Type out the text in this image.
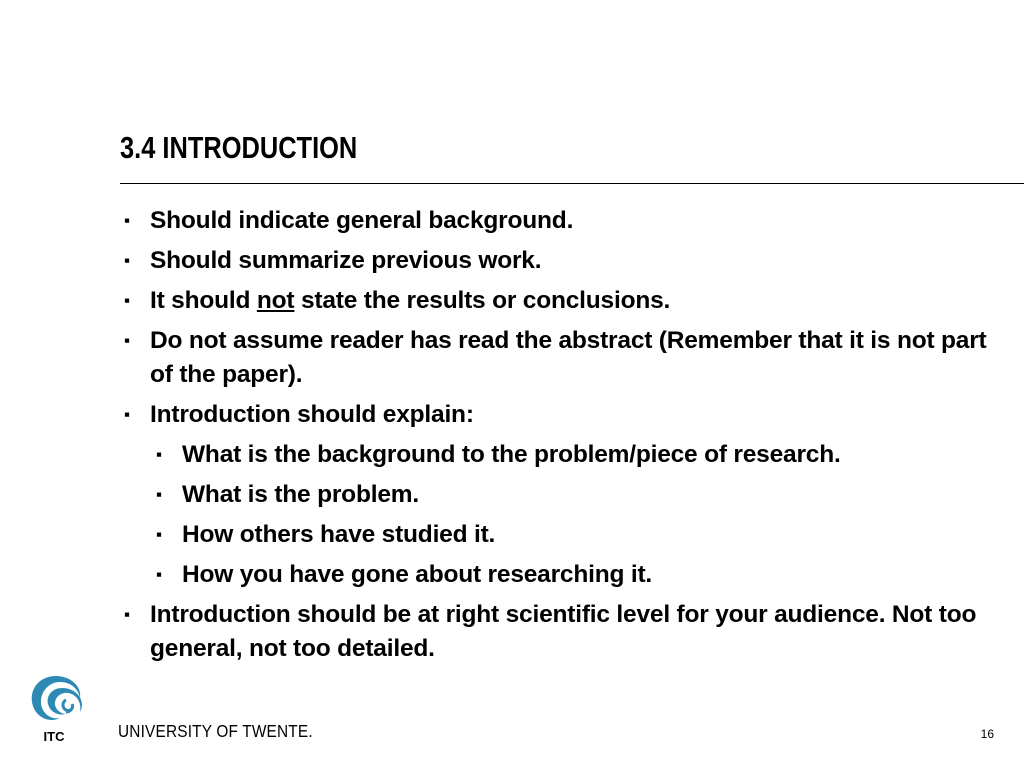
3.4 INTRODUCTION
▪ Should indicate general background.
▪ Should summarize previous work.
▪ It should not state the results or conclusions.
▪ Do not assume reader has read the abstract (Remember that it is not part of the paper).
▪ Introduction should explain:
▪ What is the background to the problem/piece of research.
▪ What is the problem.
▪ How others have studied it.
▪ How you have gone about researching it.
▪ Introduction should be at right scientific level for your audience. Not too general, not too detailed.
ITC	UNIVERSITY OF TWENTE.	16
